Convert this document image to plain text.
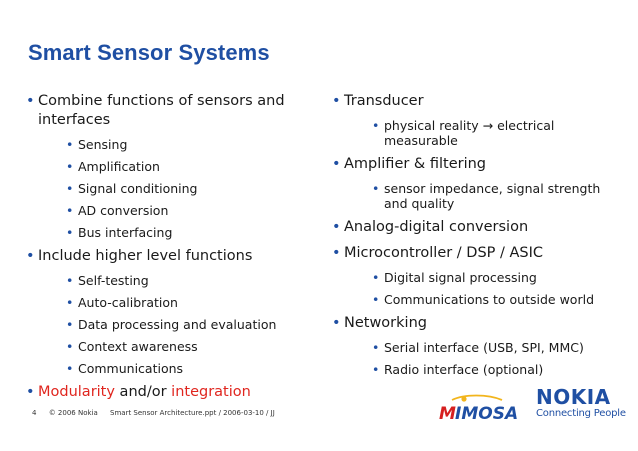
Smart Sensor Systems
• Combine functions of sensors and interfaces
• Sensing
• Amplification
• Signal conditioning
• AD conversion
• Bus interfacing
• Include higher level functions
• Self-testing
• Auto-calibration
• Data processing and evaluation
• Context awareness
• Communications
• Modularity and/or integration
• Transducer
• physical reality → electrical measurable
• Amplifier & filtering
• sensor impedance, signal strength and quality
• Analog-digital conversion
• Microcontroller / DSP / ASIC
• Digital signal processing
• Communications to outside world
• Networking
• Serial interface (USB, SPI, MMC)
• Radio interface (optional)
4 © 2006 Nokia Smart Sensor Architecture.ppt / 2006-03-10 / JJ	M IMOSA
NOKIA
Connecting People
